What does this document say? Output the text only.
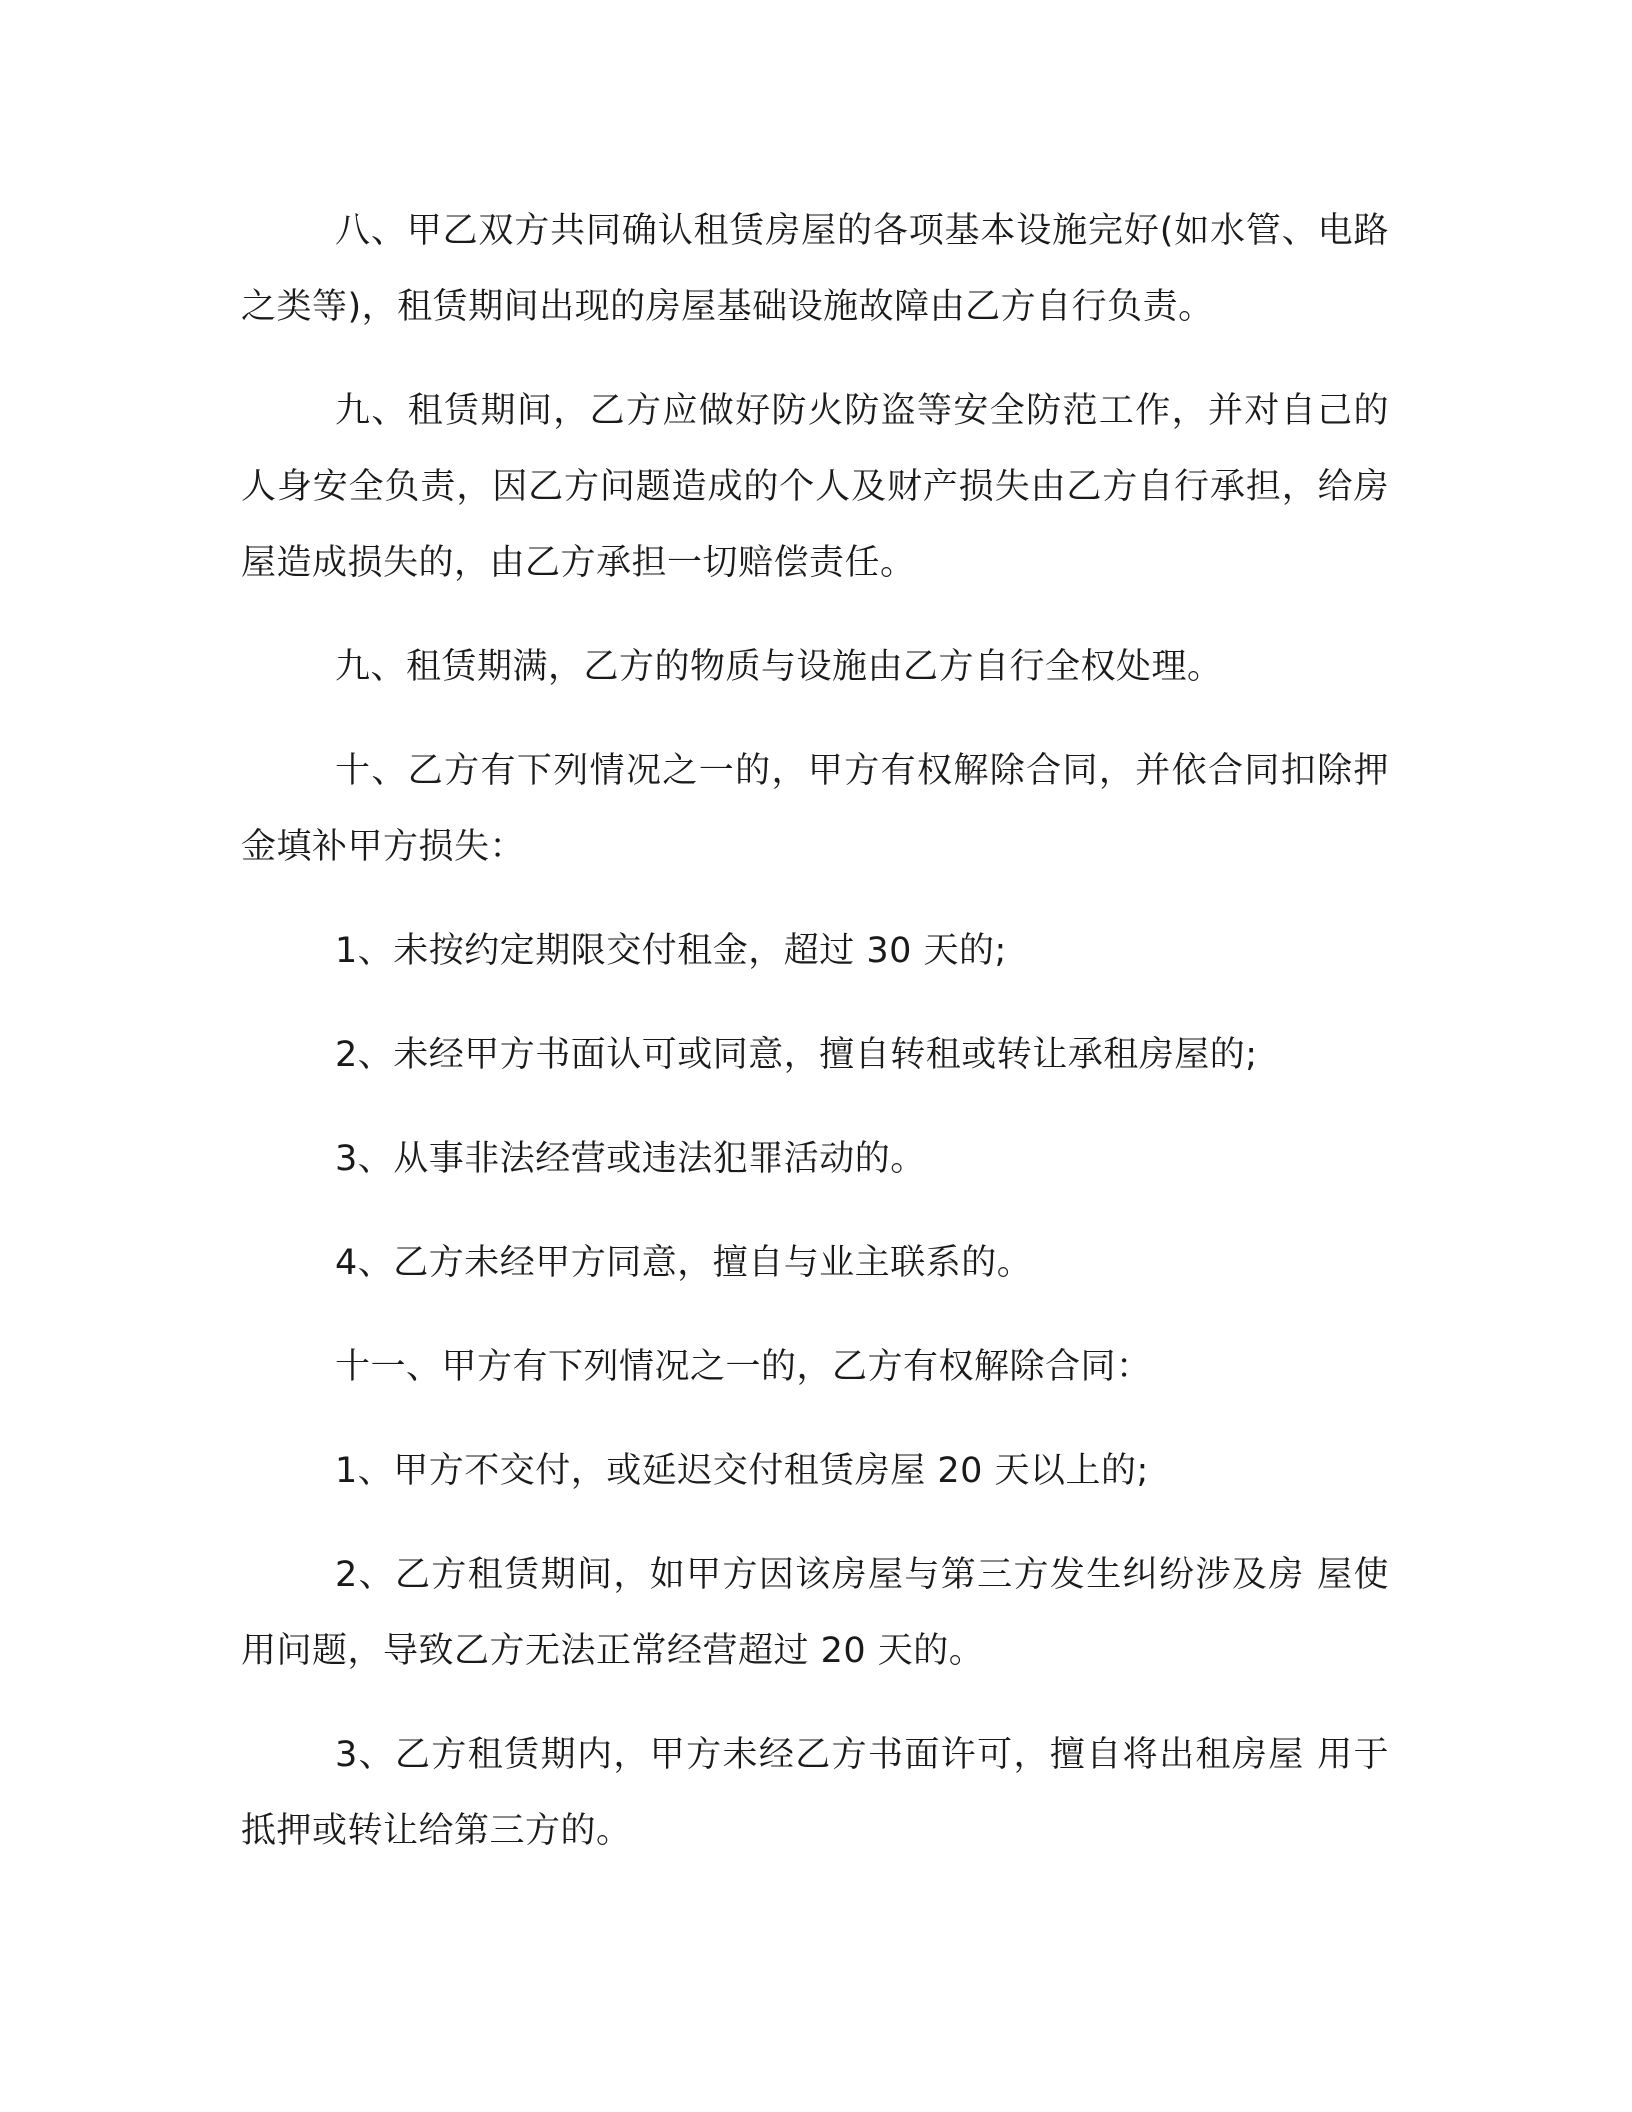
八、甲乙双方共同确认租赁房屋的各项基本设施完好(如水管、电路之类等)，租赁期间出现的房屋基础设施故障由乙方自行负责。

九、租赁期间，乙方应做好防火防盗等安全防范工作，并对自己的人身安全负责，因乙方问题造成的个人及财产损失由乙方自行承担，给房屋造成损失的，由乙方承担一切赔偿责任。

九、租赁期满，乙方的物质与设施由乙方自行全权处理。

十、乙方有下列情况之一的，甲方有权解除合同，并依合同扣除押金填补甲方损失：

1、未按约定期限交付租金，超过 30 天的;

2、未经甲方书面认可或同意，擅自转租或转让承租房屋的;

3、从事非法经营或违法犯罪活动的。

4、乙方未经甲方同意，擅自与业主联系的。

十一、甲方有下列情况之一的，乙方有权解除合同：

1、甲方不交付，或延迟交付租赁房屋 20 天以上的;

2、乙方租赁期间，如甲方因该房屋与第三方发生纠纷涉及房 屋使用问题，导致乙方无法正常经营超过 20 天的。

3、乙方租赁期内，甲方未经乙方书面许可，擅自将出租房屋 用于抵押或转让给第三方的。
